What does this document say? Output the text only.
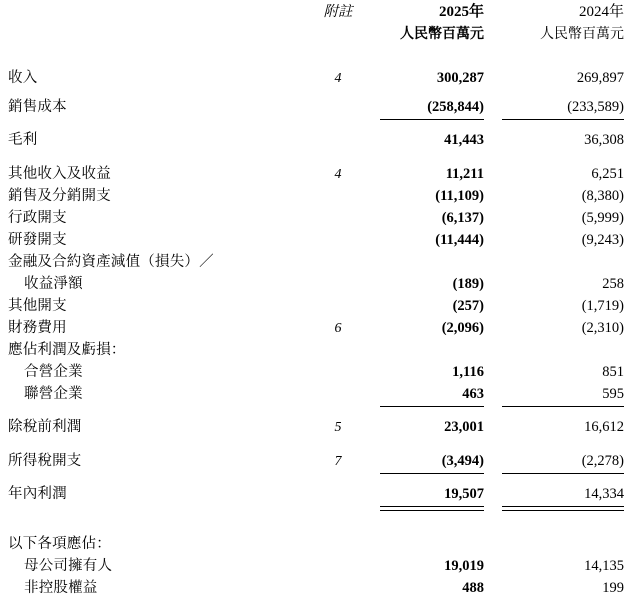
	附註	2025年	2024年
		人民幣百萬元	人民幣百萬元

收入	4	300,287	269,897

銷售成本		(258,844)	(233,589)

毛利		41,443	36,308

其他收入及收益	4	11,211	6,251
銷售及分銷開支		(11,109)	(8,380)
行政開支		(6,137)	(5,999)
研發開支		(11,444)	(9,243)
金融及合約資產減值（損失）／			
收益淨額		(189)	258
其他開支		(257)	(1,719)
財務費用	6	(2,096)	(2,310)
應佔利潤及虧損：			
合營企業		1,116	851
聯營企業		463	595

除稅前利潤	5	23,001	16,612

所得稅開支	7	(3,494)	(2,278)

年內利潤		19,507	14,334

以下各項應佔：			
母公司擁有人		19,019	14,135
非控股權益		488	199
